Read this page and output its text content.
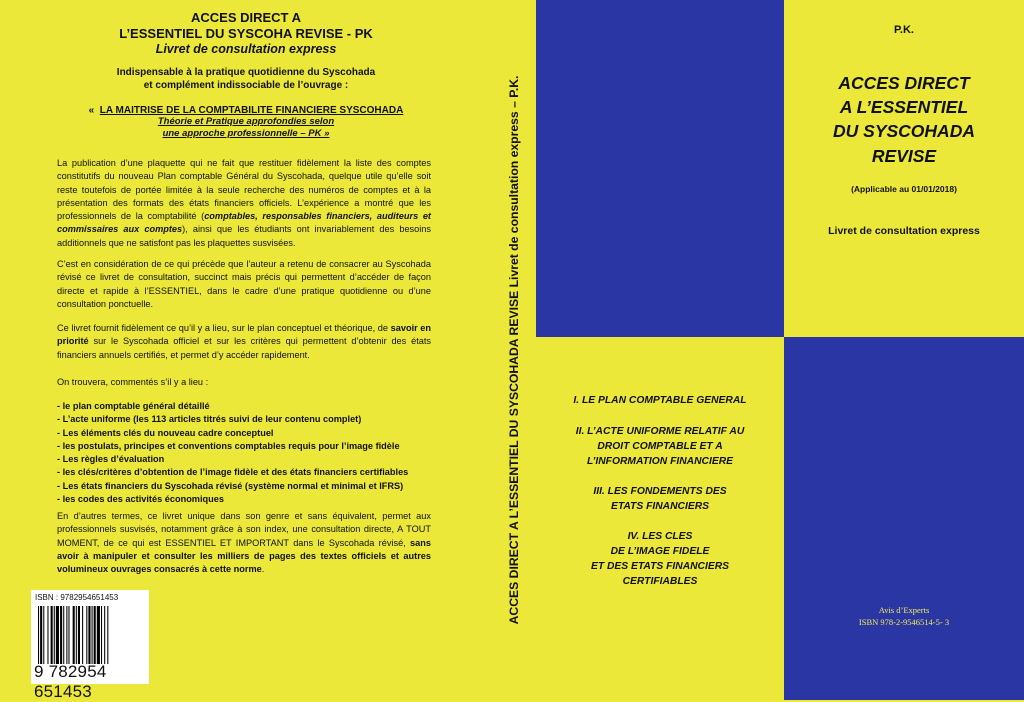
ACCES DIRECT A
L’ESSENTIEL DU SYSCOHA REVISE - PK
Livret de consultation express
Indispensable à la pratique quotidienne du Syscohada
et complément indissociable de l’ouvrage :
« LA MAITRISE DE LA COMPTABILITE FINANCIERE SYSCOHADA
Théorie et Pratique approfondies selon
une approche professionnelle – PK »
La publication d’une plaquette qui ne fait que restituer fidèlement la liste des comptes constitutifs du nouveau Plan comptable Général du Syscohada, quelque utile qu’elle soit reste toutefois de portée limitée à la seule recherche des numéros de comptes et à la présentation des formats des états financiers officiels. L’expérience a montré que les professionnels de la comptabilité (comptables, responsables financiers, auditeurs et commissaires aux comptes), ainsi que les étudiants ont invariablement des besoins additionnels que ne satisfont pas les plaquettes susvisées.
C’est en considération de ce qui précède que l’auteur a retenu de consacrer au Syscohada révisé ce livret de consultation, succinct mais précis qui permettent d’accéder de façon directe et rapide à l’ESSENTIEL, dans le cadre d’une pratique quotidienne ou d’une consultation ponctuelle.
Ce livret fournit fidèlement ce qu’il y a lieu, sur le plan conceptuel et théorique, de savoir en priorité sur le Syscohada officiel et sur les critères qui permettent d’obtenir des états financiers annuels certifiés, et permet d’y accéder rapidement.
On trouvera, commentés s’il y a lieu :
- le plan comptable général détaillé
- L’acte uniforme (les 113 articles titrés suivi de leur contenu complet)
- Les éléments clés du nouveau cadre conceptuel
- les postulats, principes et conventions comptables requis pour l’image fidèle
- Les règles d’évaluation
- les clés/critères d’obtention de l’image fidèle et des états financiers certifiables
- Les états financiers du Syscohada révisé (système normal et minimal et IFRS)
- les codes des activités économiques
En d’autres termes, ce livret unique dans son genre et sans équivalent, permet aux professionnels susvisés, notamment grâce à son index, une consultation directe, A TOUT MOMENT, de ce qui est ESSENTIEL ET IMPORTANT dans le Syscohada révisé, sans avoir à manipuler et consulter les milliers de pages des textes officiels et autres volumineux ouvrages consacrés à cette norme.
ISBN : 9782954651453
9 782954 651453
ACCES DIRECT A L’ESSENTIEL DU SYSCOHADA REVISE Livret de consultation express – P.K.
P.K.
ACCES DIRECT
A L’ESSENTIEL
DU SYSCOHADA
REVISE
(Applicable au 01/01/2018)
Livret de consultation express
I. LE PLAN COMPTABLE GENERAL
II. L’ACTE UNIFORME RELATIF AU
DROIT COMPTABLE ET A
L’INFORMATION FINANCIERE
III. LES FONDEMENTS DES
ETATS FINANCIERS
IV. LES CLES
DE L’IMAGE FIDELE
ET DES ETATS FINANCIERS
CERTIFIABLES
Avis d’Experts
ISBN 978-2-9546514-5- 3
